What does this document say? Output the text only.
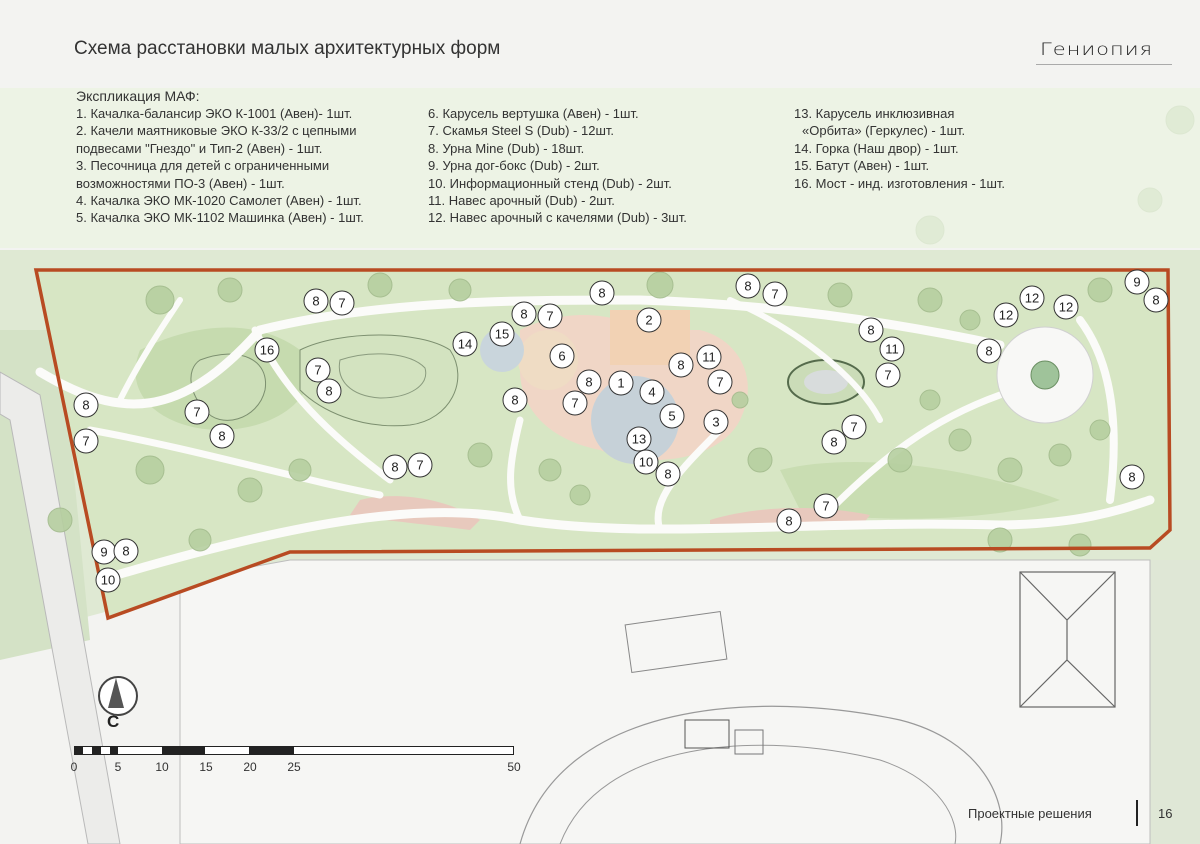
8 7
8 7
8	8
7
9
8
12
12
12
2
15
14
16	6
8
11	8
8
11
7
8
7
8 1	7
4
8	7
8	7	5	3
8	13
7
8
7
10
8
8 7
8
7
8
9 8
10
Схема расстановки малых архитектурных форм	Гениопия
Экспликация МАФ:
1. Качалка-балансир ЭКО К-1001 (Авен)- 1шт.
2. Качели маятниковые ЭКО К-33/2 с цепными
подвесами "Гнездо" и Тип-2 (Авен) - 1шт.
3. Песочница для детей с ограниченными
возможностями ПО-3 (Авен) - 1шт.
4. Качалка ЭКО МК-1020 Самолет (Авен) - 1шт.
5. Качалка ЭКО МК-1102 Машинка (Авен) - 1шт.
6. Карусель вертушка (Авен) - 1шт.
7. Скамья Steel S (Dub) - 12шт.
8. Урна Mine (Dub) - 18шт.
9. Урна дог-бокс (Dub) - 2шт.
10. Информационный стенд (Dub) - 2шт.
11. Навес арочный (Dub) - 2шт.
12. Навес арочный с качелями (Dub) - 3шт.
13. Карусель инклюзивная
«Орбита» (Геркулес) - 1шт.
14. Горка (Наш двор) - 1шт.
15. Батут (Авен) - 1шт.
16. Мост - инд. изготовления - 1шт.
С
0	5	10	15	20	25	50
Проектные решения	16
